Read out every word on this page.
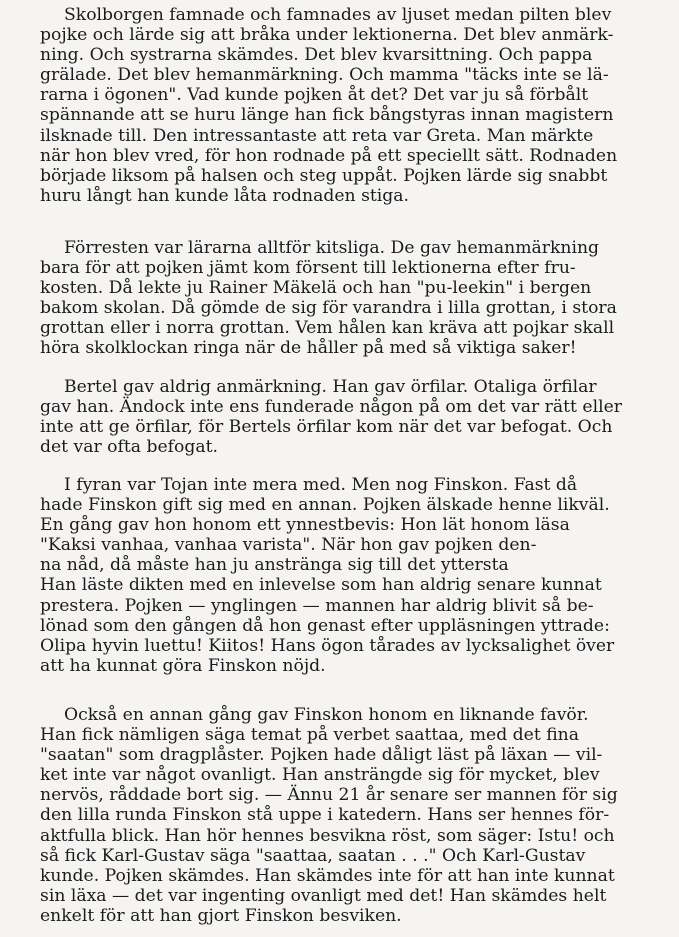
Skolborgen famnade och famnades av ljuset medan pilten blev
pojke och lärde sig att bråka under lektionerna. Det blev anmärk-
ning. Och systrarna skämdes. Det blev kvarsittning. Och pappa
grälade. Det blev hemanmärkning. Och mamma "täcks inte se lä-
rarna i ögonen". Vad kunde pojken åt det? Det var ju så förbålt
spännande att se huru länge han fick bångstyras innan magistern
ilsknade till. Den intressantaste att reta var Greta. Man märkte
när hon blev vred, för hon rodnade på ett speciellt sätt. Rodnaden
började liksom på halsen och steg uppåt. Pojken lärde sig snabbt
huru långt han kunde låta rodnaden stiga.
Förresten var lärarna alltför kitsliga. De gav hemanmärkning
bara för att pojken jämt kom försent till lektionerna efter fru-
kosten. Då lekte ju Rainer Mäkelä och han "pu-leekin" i bergen
bakom skolan. Då gömde de sig för varandra i lilla grottan, i stora
grottan eller i norra grottan. Vem hålen kan kräva att pojkar skall
höra skolklockan ringa när de håller på med så viktiga saker!
Bertel gav aldrig anmärkning. Han gav örfilar. Otaliga örfilar
gav han. Ändock inte ens funderade någon på om det var rätt eller
inte att ge örfilar, för Bertels örfilar kom när det var befogat. Och
det var ofta befogat.
I fyran var Tojan inte mera med. Men nog Finskon. Fast då
hade Finskon gift sig med en annan. Pojken älskade henne likväl.
En gång gav hon honom ett ynnestbevis: Hon lät honom läsa
"Kaksi vanhaa, vanhaa varista". När hon gav pojken den-
na nåd, då måste han ju anstränga sig till det yttersta
Han läste dikten med en inlevelse som han aldrig senare kunnat
prestera. Pojken — ynglingen — mannen har aldrig blivit så be-
lönad som den gången då hon genast efter uppläsningen yttrade:
Olipa hyvin luettu! Kiitos! Hans ögon tårades av lycksalighet över
att ha kunnat göra Finskon nöjd.
Också en annan gång gav Finskon honom en liknande favör.
Han fick nämligen säga temat på verbet saattaa, med det fina
"saatan" som dragplåster. Pojken hade dåligt läst på läxan — vil-
ket inte var något ovanligt. Han ansträngde sig för mycket, blev
nervös, råddade bort sig. — Ännu 21 år senare ser mannen för sig
den lilla runda Finskon stå uppe i katedern. Hans ser hennes för-
aktfulla blick. Han hör hennes besvikna röst, som säger: Istu! och
så fick Karl-Gustav säga "saattaa, saatan . . ." Och Karl-Gustav
kunde. Pojken skämdes. Han skämdes inte för att han inte kunnat
sin läxa — det var ingenting ovanligt med det! Han skämdes helt
enkelt för att han gjort Finskon besviken.
